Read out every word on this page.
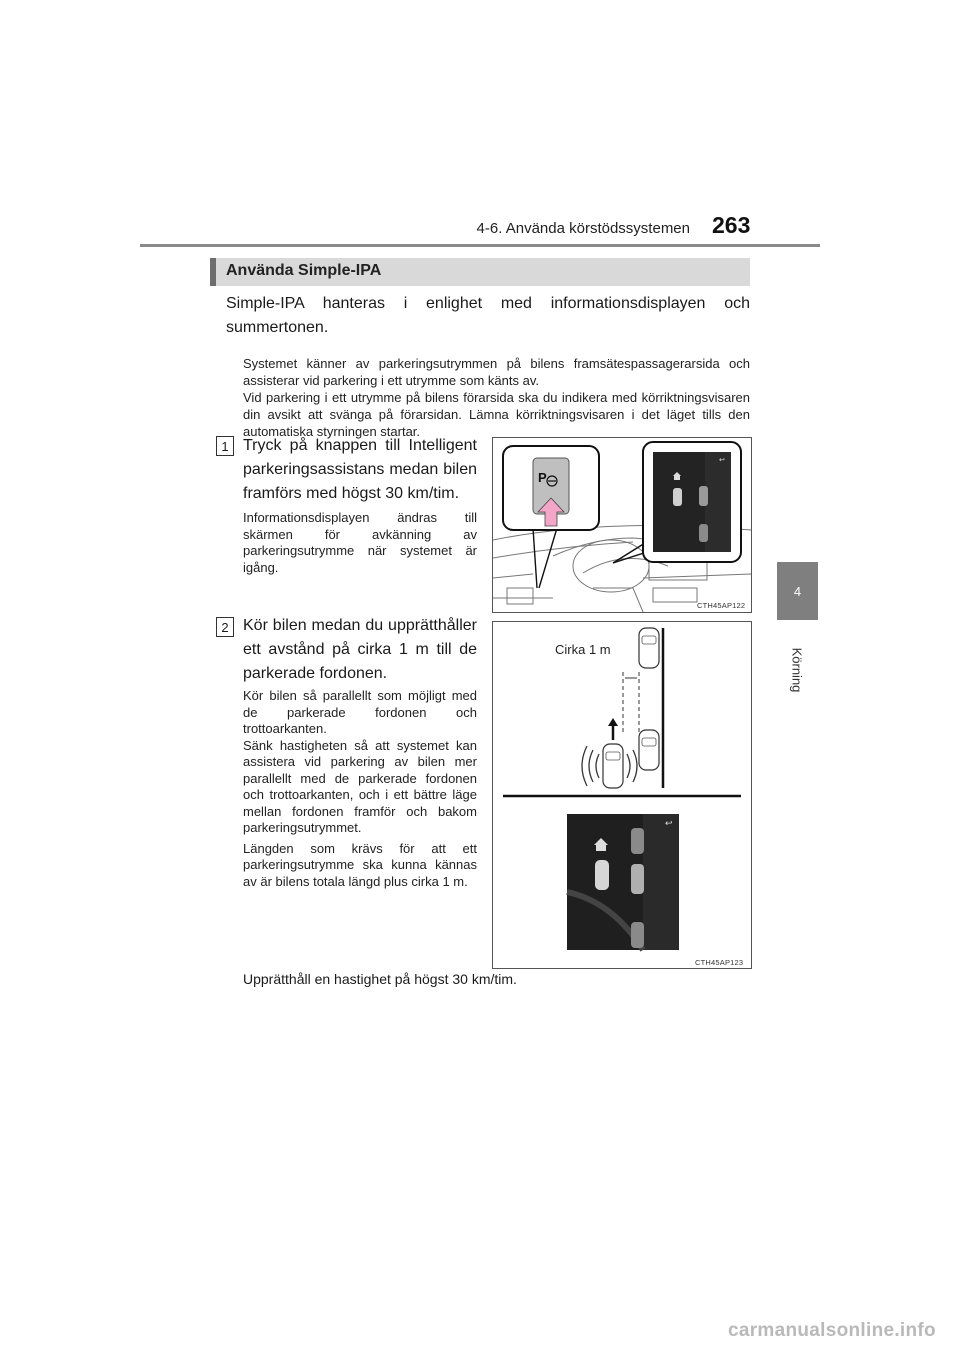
4-6. Använda körstödssystemen 263
4
Körning
Använda Simple-IPA
Simple-IPA hanteras i enlighet med informationsdisplayen och summertonen.
Systemet känner av parkeringsutrymmen på bilens framsätespassagerarsida och assisterar vid parkering i ett utrymme som känts av.
Vid parkering i ett utrymme på bilens förarsida ska du indikera med körriktningsvisaren din avsikt att svänga på förarsidan. Lämna körriktningsvisaren i det läget tills den automatiska styrningen startar.
1 Tryck på knappen till Intelligent parkeringsassistans medan bilen framförs med högst 30 km/tim.
Informationsdisplayen ändras till skärmen för avkänning av parkeringsutrymme när systemet är igång.
P
↩
CTH45AP122
2 Kör bilen medan du upprätthåller ett avstånd på cirka 1 m till de parkerade fordonen.
Kör bilen så parallellt som möjligt med de parkerade fordonen och trottoarkanten.
Sänk hastigheten så att systemet kan assistera vid parkering av bilen mer parallellt med de parkerade fordonen och trottoarkanten, och i ett bättre läge mellan fordonen framför och bakom parkeringsutrymmet.
Längden som krävs för att ett parkeringsutrymme ska kunna kännas av är bilens totala längd plus cirka 1 m.
↩
Cirka 1 m
CTH45AP123
Upprätthåll en hastighet på högst 30 km/tim.
carmanualsonline.info
